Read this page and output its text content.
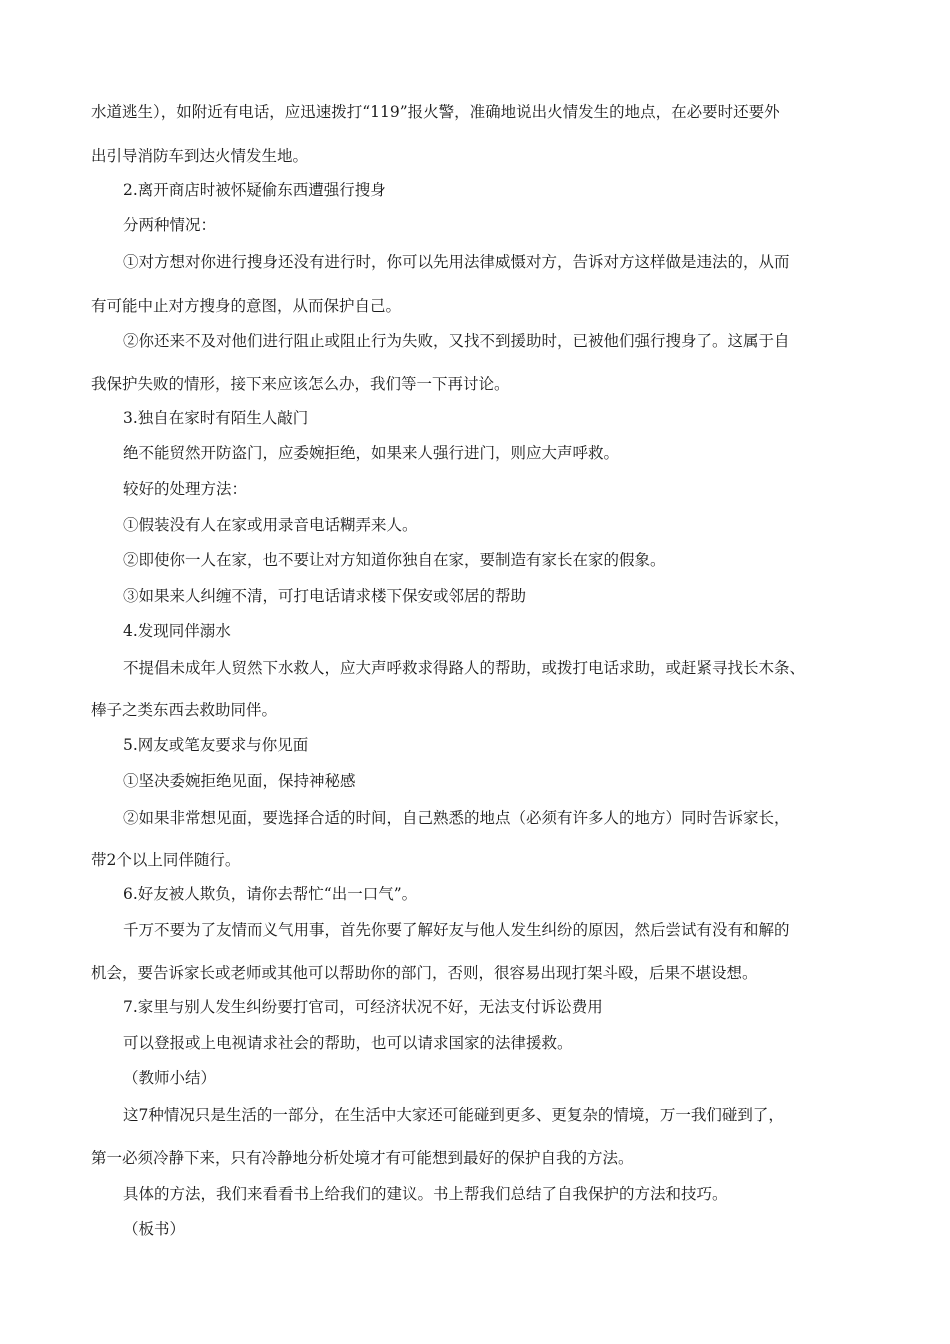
水道逃生），如附近有电话，应迅速拨打“119”报火警，准确地说出火情发生的地点，在必要时还要外
出引导消防车到达火情发生地。
2.离开商店时被怀疑偷东西遭强行搜身
分两种情况：
①对方想对你进行搜身还没有进行时，你可以先用法律威慑对方，告诉对方这样做是违法的，从而
有可能中止对方搜身的意图，从而保护自己。
②你还来不及对他们进行阻止或阻止行为失败，又找不到援助时，已被他们强行搜身了。这属于自
我保护失败的情形，接下来应该怎么办，我们等一下再讨论。
3.独自在家时有陌生人敲门
绝不能贸然开防盗门，应委婉拒绝，如果来人强行进门，则应大声呼救。
较好的处理方法：
①假装没有人在家或用录音电话糊弄来人。
②即使你一人在家，也不要让对方知道你独自在家，要制造有家长在家的假象。
③如果来人纠缠不清，可打电话请求楼下保安或邻居的帮助
4.发现同伴溺水
不提倡未成年人贸然下水救人，应大声呼救求得路人的帮助，或拨打电话求助，或赶紧寻找长木条、
棒子之类东西去救助同伴。
5.网友或笔友要求与你见面
①坚决委婉拒绝见面，保持神秘感
②如果非常想见面，要选择合适的时间，自己熟悉的地点（必须有许多人的地方）同时告诉家长，
带2个以上同伴随行。
6.好友被人欺负，请你去帮忙“出一口气”。
千万不要为了友情而义气用事，首先你要了解好友与他人发生纠纷的原因，然后尝试有没有和解的
机会，要告诉家长或老师或其他可以帮助你的部门，否则，很容易出现打架斗殴，后果不堪设想。
7.家里与别人发生纠纷要打官司，可经济状况不好，无法支付诉讼费用
可以登报或上电视请求社会的帮助，也可以请求国家的法律援救。
（教师小结）
这7种情况只是生活的一部分，在生活中大家还可能碰到更多、更复杂的情境，万一我们碰到了，
第一必须冷静下来，只有冷静地分析处境才有可能想到最好的保护自我的方法。
具体的方法，我们来看看书上给我们的建议。书上帮我们总结了自我保护的方法和技巧。
（板书）
